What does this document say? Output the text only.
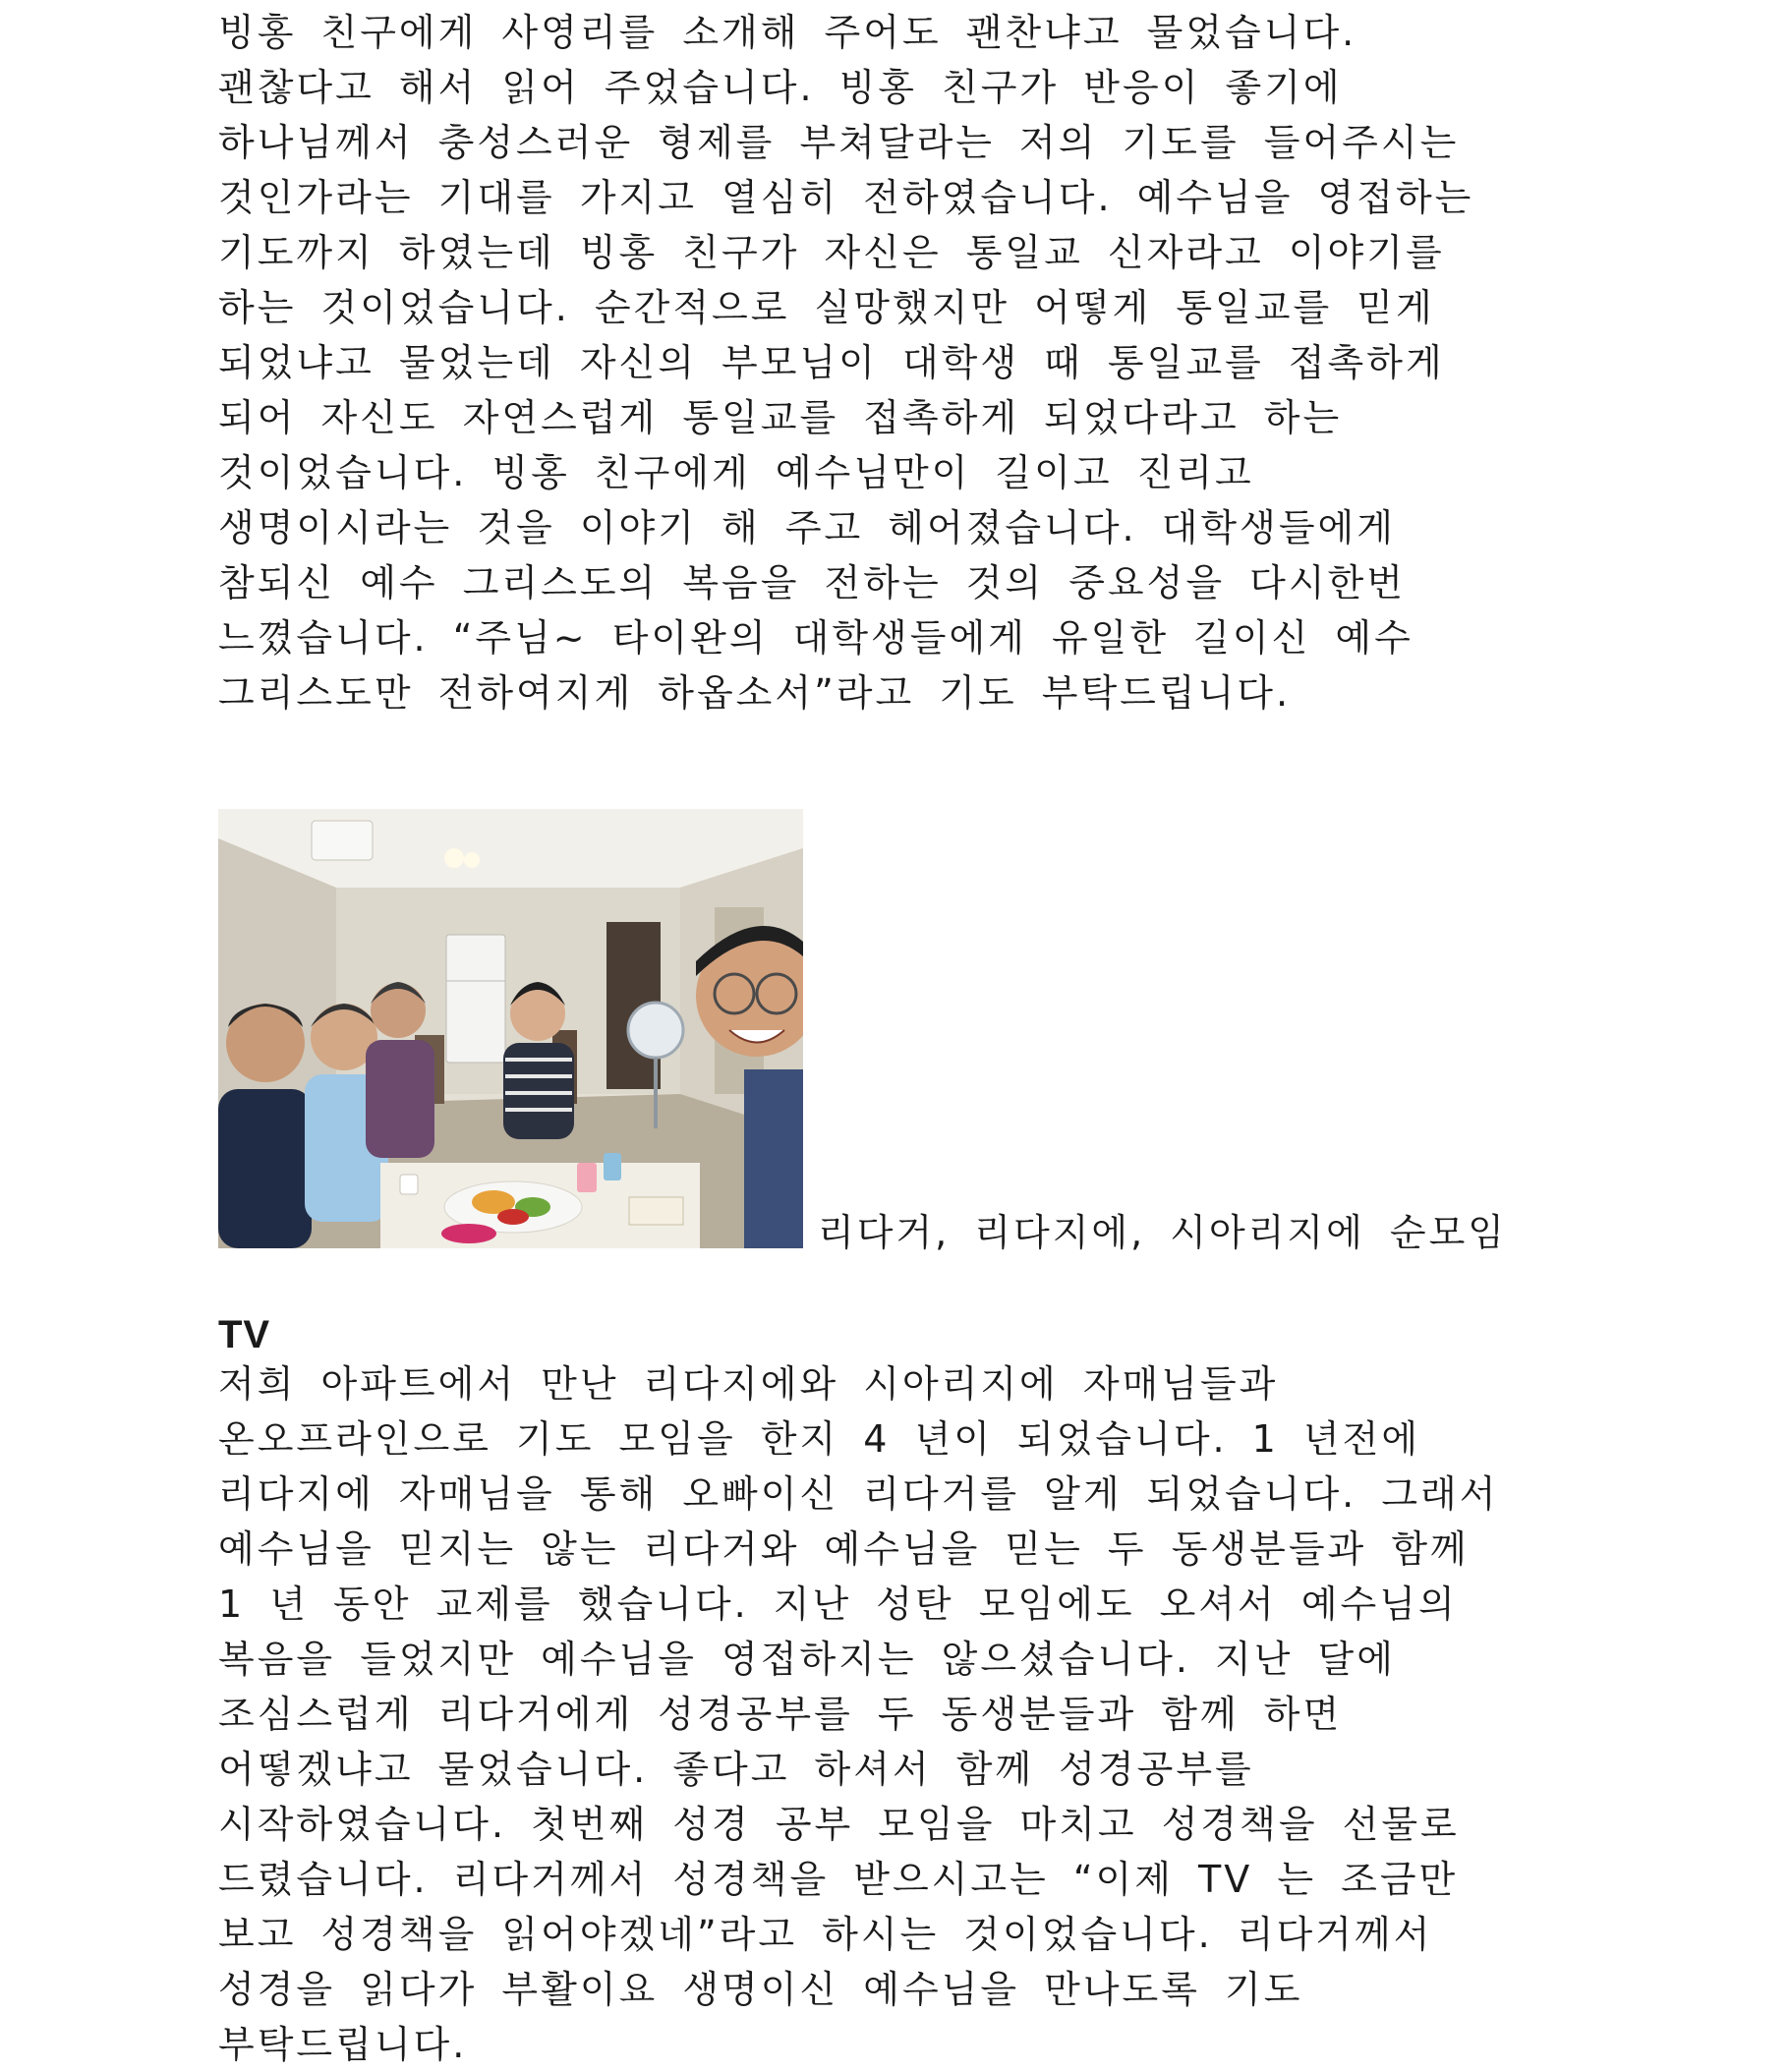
빙홍 친구에게 사영리를 소개해 주어도 괜찬냐고 물었습니다.
괜찮다고 해서 읽어 주었습니다. 빙홍 친구가 반응이 좋기에
하나님께서 충성스러운 형제를 부쳐달라는 저의 기도를 들어주시는
것인가라는 기대를 가지고 열심히 전하였습니다. 예수님을 영접하는
기도까지 하였는데 빙홍 친구가 자신은 통일교 신자라고 이야기를
하는 것이었습니다. 순간적으로 실망했지만 어떻게 통일교를 믿게
되었냐고 물었는데 자신의 부모님이 대학생 때 통일교를 접촉하게
되어 자신도 자연스럽게 통일교를 접촉하게 되었다라고 하는
것이었습니다. 빙홍 친구에게 예수님만이 길이고 진리고
생명이시라는 것을 이야기 해 주고 헤어졌습니다. 대학생들에게
참되신 예수 그리스도의 복음을 전하는 것의 중요성을 다시한번
느꼈습니다. “주님~ 타이완의 대학생들에게 유일한 길이신 예수
그리스도만 전하여지게 하옵소서”라고 기도 부탁드립니다.
리다거, 리다지에, 시아리지에 순모임
TV
저희 아파트에서 만난 리다지에와 시아리지에 자매님들과
온오프라인으로 기도 모임을 한지 4 년이 되었습니다. 1 년전에
리다지에 자매님을 통해 오빠이신 리다거를 알게 되었습니다. 그래서
예수님을 믿지는 않는 리다거와 예수님을 믿는 두 동생분들과 함께
1 년 동안 교제를 했습니다. 지난 성탄 모임에도 오셔서 예수님의
복음을 들었지만 예수님을 영접하지는 않으셨습니다. 지난 달에
조심스럽게 리다거에게 성경공부를 두 동생분들과 함께 하면
어떻겠냐고 물었습니다. 좋다고 하셔서 함께 성경공부를
시작하였습니다. 첫번째 성경 공부 모임을 마치고 성경책을 선물로
드렸습니다. 리다거께서 성경책을 받으시고는 “이제 TV 는 조금만
보고 성경책을 읽어야겠네”라고 하시는 것이었습니다. 리다거께서
성경을 읽다가 부활이요 생명이신 예수님을 만나도록 기도
부탁드립니다.
